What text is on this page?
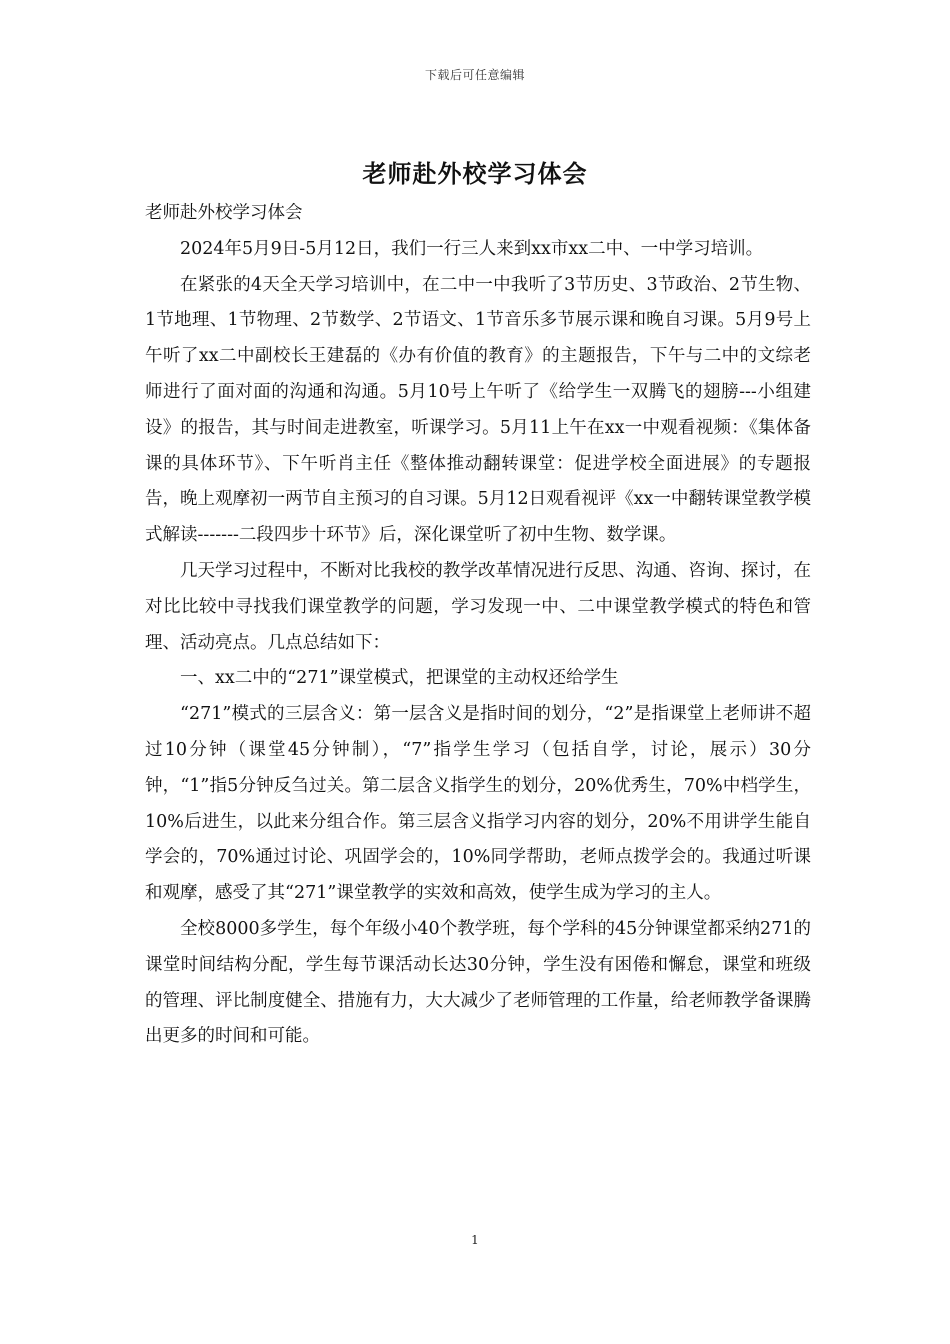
下载后可任意编辑
老师赴外校学习体会

老师赴外校学习体会

2024年5月9日-5月12日，我们一行三人来到xx市xx二中、一中学习培训。

在紧张的4天全天学习培训中，在二中一中我听了3节历史、3节政治、2节生物、1节地理、1节物理、2节数学、2节语文、1节音乐多节展示课和晚自习课。5月9号上午听了xx二中副校长王建磊的《办有价值的教育》的主题报告，下午与二中的文综老师进行了面对面的沟通和沟通。5月10号上午听了《给学生一双腾飞的翅膀---小组建设》的报告，其与时间走进教室，听课学习。5月11上午在xx一中观看视频：《集体备课的具体环节》、下午听肖主任《整体推动翻转课堂：促进学校全面进展》的专题报告，晚上观摩初一两节自主预习的自习课。5月12日观看视评《xx一中翻转课堂教学模式解读-------二段四步十环节》后，深化课堂听了初中生物、数学课。

几天学习过程中，不断对比我校的教学改革情况进行反思、沟通、咨询、探讨，在对比比较中寻找我们课堂教学的问题，学习发现一中、二中课堂教学模式的特色和管理、活动亮点。几点总结如下：

一、xx二中的“271”课堂模式，把课堂的主动权还给学生

“271”模式的三层含义：第一层含义是指时间的划分，“2”是指课堂上老师讲不超过10分钟（课堂45分钟制），“7”指学生学习（包括自学，讨论，展示）30分钟，“1”指5分钟反刍过关。第二层含义指学生的划分，20%优秀生，70%中档学生，10%后进生，以此来分组合作。第三层含义指学习内容的划分，20%不用讲学生能自学会的，70%通过讨论、巩固学会的，10%同学帮助，老师点拨学会的。我通过听课和观摩，感受了其“271”课堂教学的实效和高效，使学生成为学习的主人。

全校8000多学生，每个年级小40个教学班，每个学科的45分钟课堂都采纳271的课堂时间结构分配，学生每节课活动长达30分钟，学生没有困倦和懈怠，课堂和班级的管理、评比制度健全、措施有力，大大减少了老师管理的工作量，给老师教学备课腾出更多的时间和可能。

1
